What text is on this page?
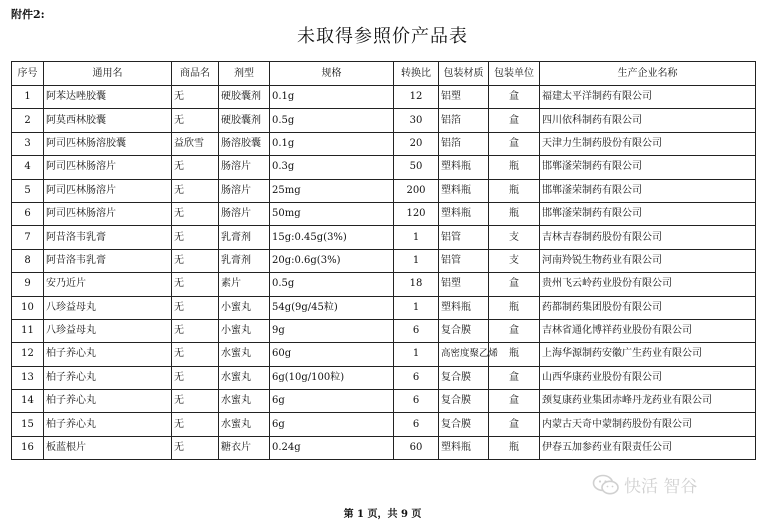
附件2:
未取得参照价产品表
序号	通用名	商品名	剂型	规格	转换比	包装材质	包装单位	生产企业名称
1	阿苯达唑胶囊	无	硬胶囊剂	0.1g	12	铝塑	盒	福建太平洋制药有限公司
2	阿莫西林胶囊	无	硬胶囊剂	0.5g	30	铝箔	盒	四川依科制药有限公司
3	阿司匹林肠溶胶囊	益欣雪	肠溶胶囊	0.1g	20	铝箔	盒	天津力生制药股份有限公司
4	阿司匹林肠溶片	无	肠溶片	0.3g	50	塑料瓶	瓶	邯郸滏荣制药有限公司
5	阿司匹林肠溶片	无	肠溶片	25mg	200	塑料瓶	瓶	邯郸滏荣制药有限公司
6	阿司匹林肠溶片	无	肠溶片	50mg	120	塑料瓶	瓶	邯郸滏荣制药有限公司
7	阿昔洛韦乳膏	无	乳膏剂	15g:0.45g(3%)	1	铝管	支	吉林吉春制药股份有限公司
8	阿昔洛韦乳膏	无	乳膏剂	20g:0.6g(3%)	1	铝管	支	河南羚锐生物药业有限公司
9	安乃近片	无	素片	0.5g	18	铝塑	盒	贵州飞云岭药业股份有限公司
10	八珍益母丸	无	小蜜丸	54g(9g/45粒)	1	塑料瓶	瓶	药都制药集团股份有限公司
11	八珍益母丸	无	小蜜丸	9g	6	复合膜	盒	吉林省通化博祥药业股份有限公司
12	柏子养心丸	无	水蜜丸	60g	1	高密度聚乙烯	瓶	上海华源制药安徽广生药业有限公司
13	柏子养心丸	无	水蜜丸	6g(10g/100粒)	6	复合膜	盒	山西华康药业股份有限公司
14	柏子养心丸	无	水蜜丸	6g	6	复合膜	盒	颈复康药业集团赤峰丹龙药业有限公司
15	柏子养心丸	无	水蜜丸	6g	6	复合膜	盒	内蒙古天奇中蒙制药股份有限公司
16	板蓝根片	无	糖衣片	0.24g	60	塑料瓶	瓶	伊春五加参药业有限责任公司
第 1 页，共 9 页
快活 智谷
